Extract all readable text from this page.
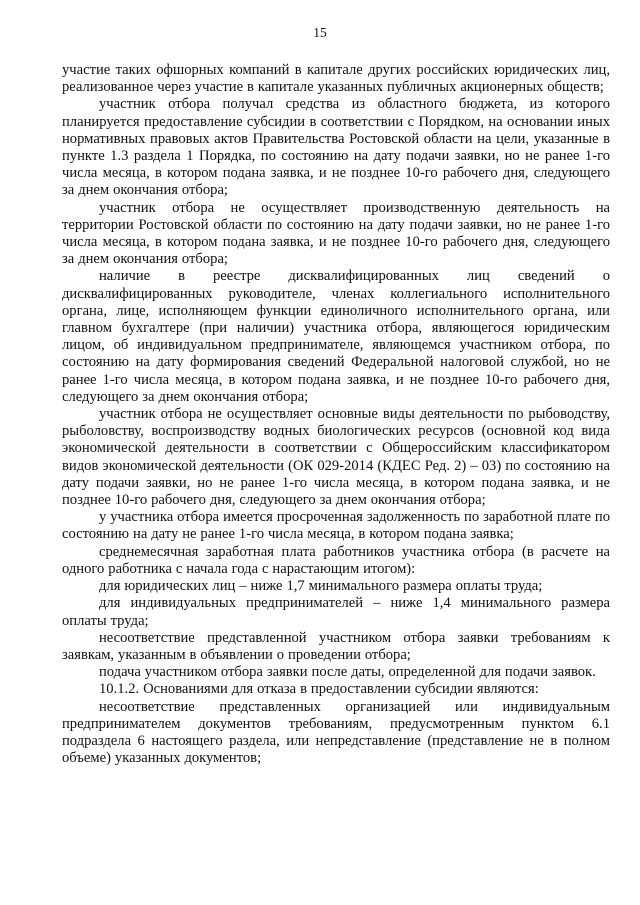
15

участие таких офшорных компаний в капитале других российских юридических лиц, реализованное через участие в капитале указанных публичных акционерных обществ;

участник отбора получал средства из областного бюджета, из которого планируется предоставление субсидии в соответствии с Порядком, на основании иных нормативных правовых актов Правительства Ростовской области на цели, указанные в пункте 1.3 раздела 1 Порядка, по состоянию на дату подачи заявки, но не ранее 1-го числа месяца, в котором подана заявка, и не позднее 10-го рабочего дня, следующего за днем окончания отбора;

участник отбора не осуществляет производственную деятельность на территории Ростовской области по состоянию на дату подачи заявки, но не ранее 1-го числа месяца, в котором подана заявка, и не позднее 10-го рабочего дня, следующего за днем окончания отбора;

наличие в реестре дисквалифицированных лиц сведений о дисквалифицированных руководителе, членах коллегиального исполнительного органа, лице, исполняющем функции единоличного исполнительного органа, или главном бухгалтере (при наличии) участника отбора, являющегося юридическим лицом, об индивидуальном предпринимателе, являющемся участником отбора, по состоянию на дату формирования сведений Федеральной налоговой службой, но не ранее 1-го числа месяца, в котором подана заявка, и не позднее 10-го рабочего дня, следующего за днем окончания отбора;

участник отбора не осуществляет основные виды деятельности по рыбоводству, рыболовству, воспроизводству водных биологических ресурсов (основной код вида экономической деятельности в соответствии с Общероссийским классификатором видов экономической деятельности (ОК 029-2014 (КДЕС Ред. 2) – 03) по состоянию на дату подачи заявки, но не ранее 1-го числа месяца, в котором подана заявка, и не позднее 10-го рабочего дня, следующего за днем окончания отбора;

у участника отбора имеется просроченная задолженность по заработной плате по состоянию на дату не ранее 1-го числа месяца, в котором подана заявка;

среднемесячная заработная плата работников участника отбора (в расчете на одного работника с начала года с нарастающим итогом):

для юридических лиц – ниже 1,7 минимального размера оплаты труда;

для индивидуальных предпринимателей – ниже 1,4 минимального размера оплаты труда;

несоответствие представленной участником отбора заявки требованиям к заявкам, указанным в объявлении о проведении отбора;

подача участником отбора заявки после даты, определенной для подачи заявок.

10.1.2. Основаниями для отказа в предоставлении субсидии являются:

несоответствие представленных организацией или индивидуальным предпринимателем документов требованиям, предусмотренным пунктом 6.1 подраздела 6 настоящего раздела, или непредставление (представление не в полном объеме) указанных документов;
